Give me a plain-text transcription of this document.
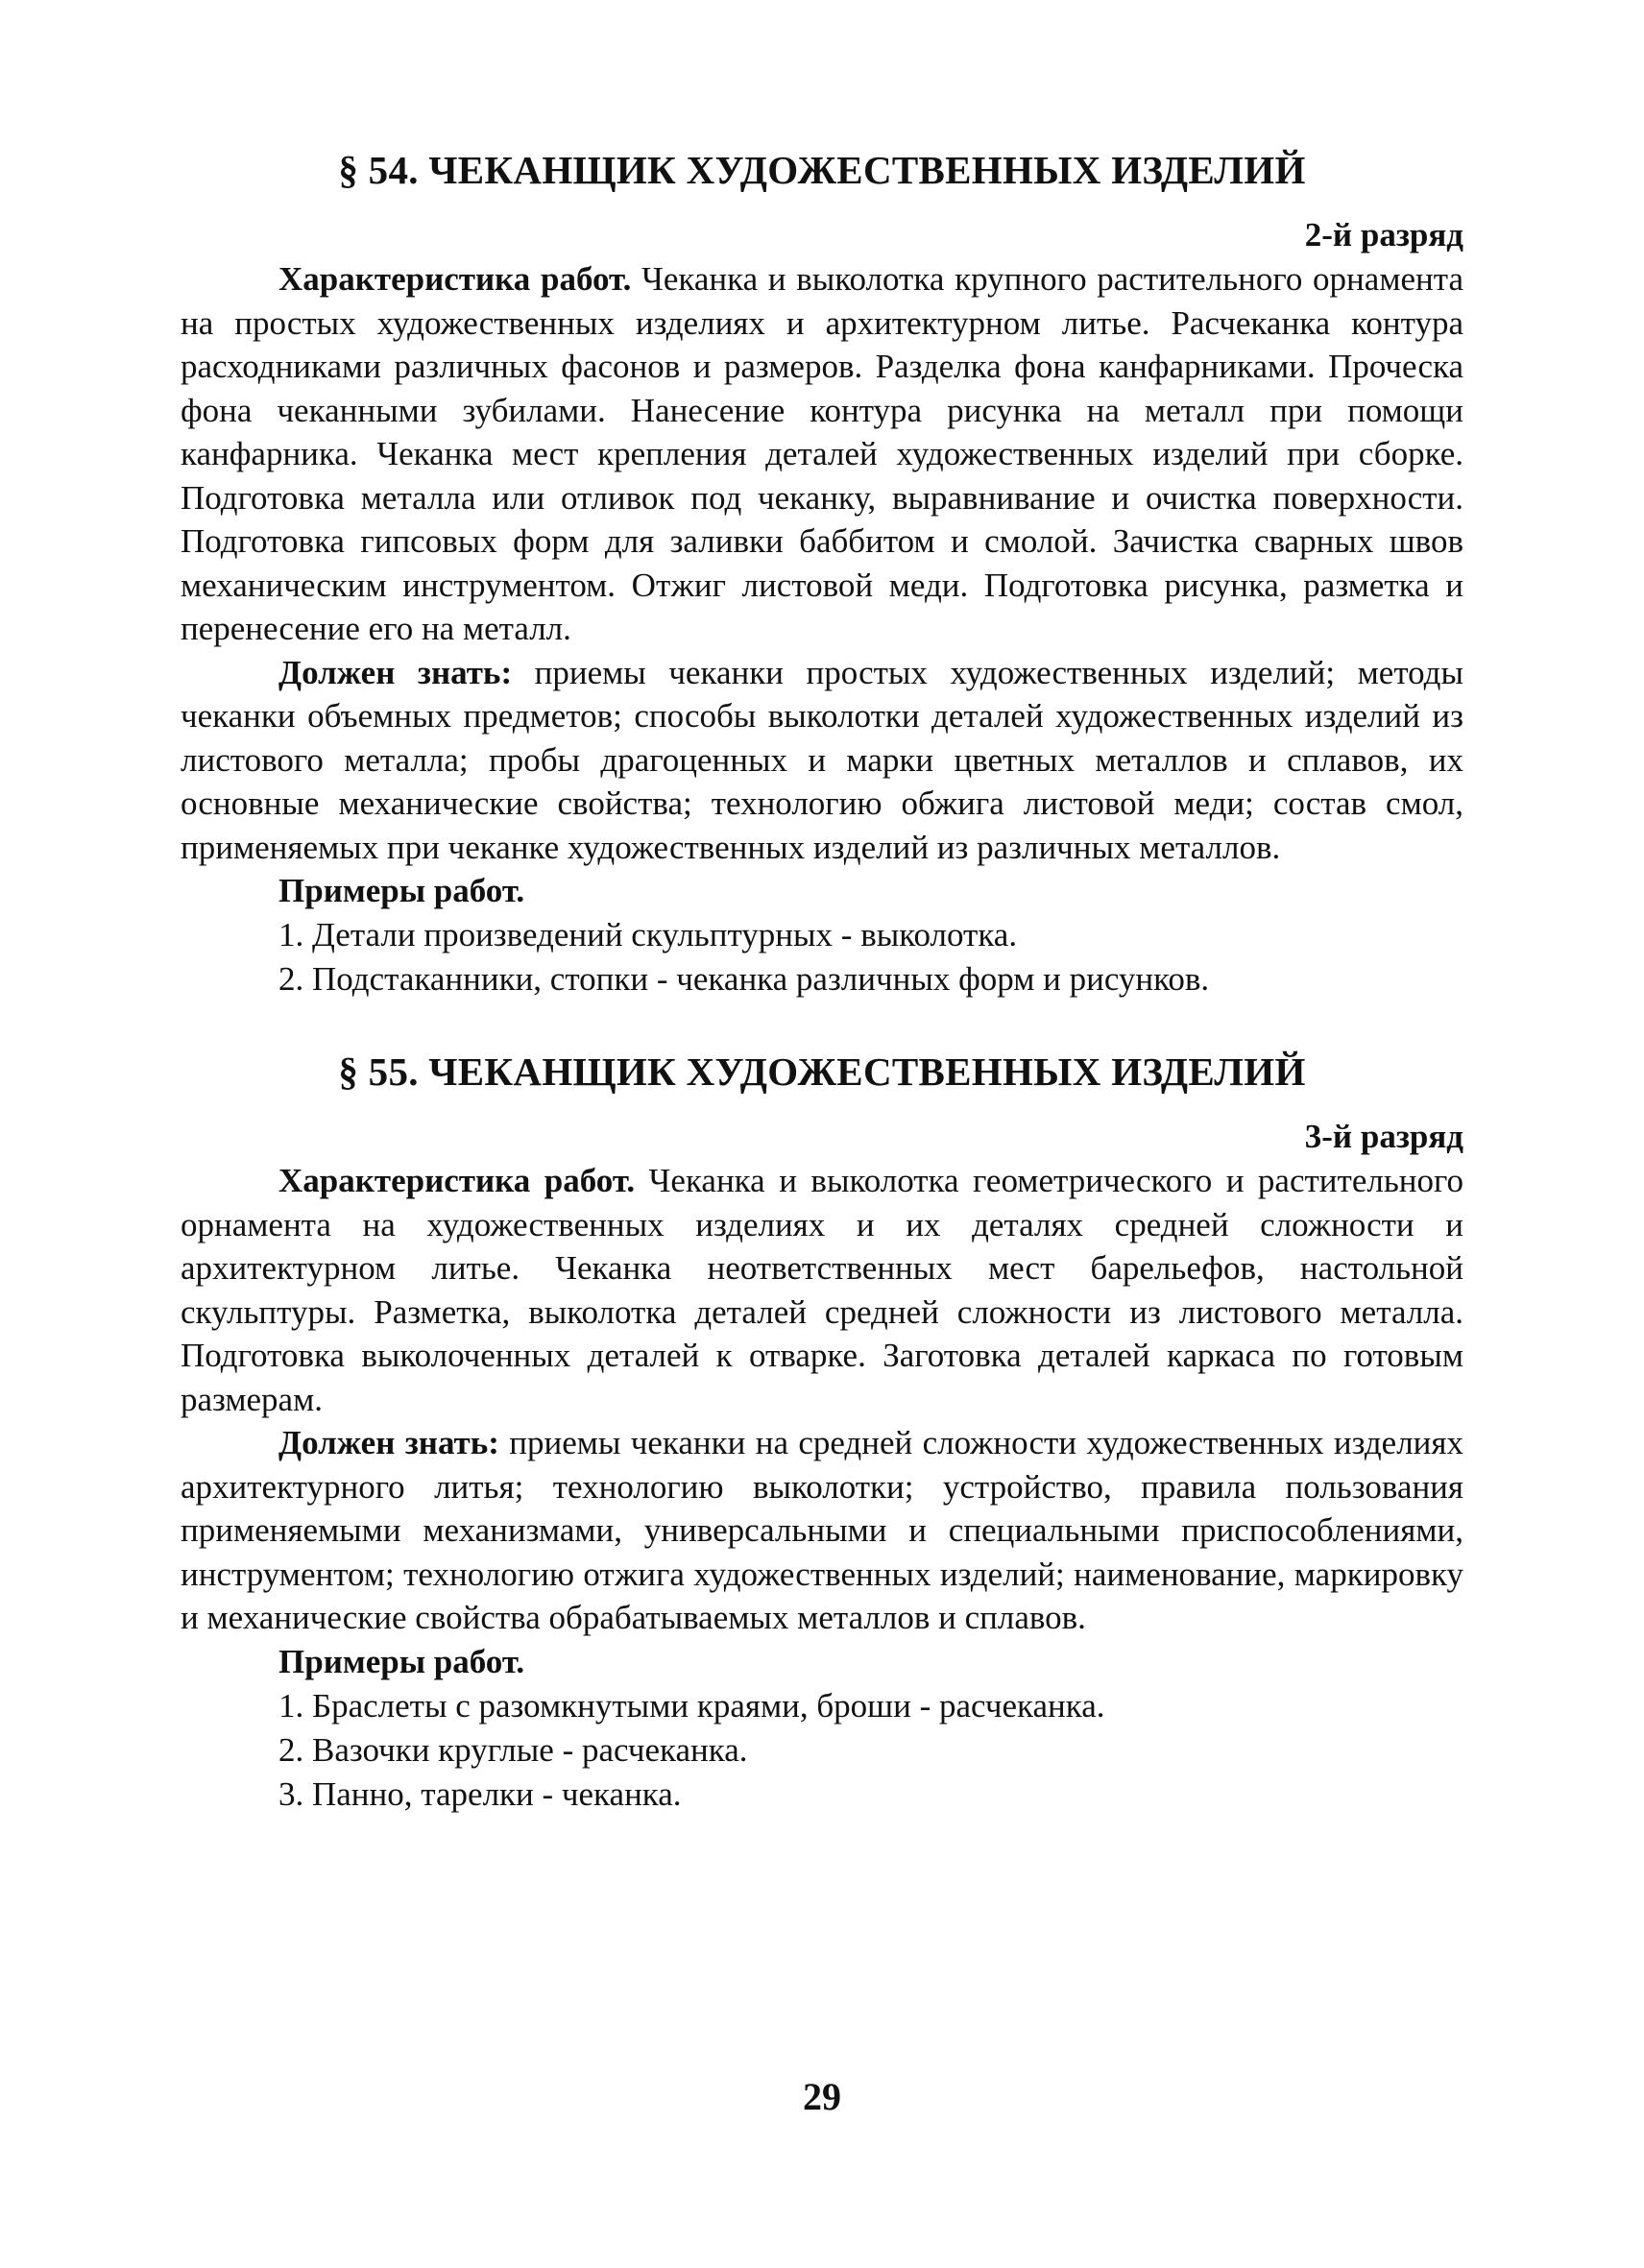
§ 54. ЧЕКАНЩИК ХУДОЖЕСТВЕННЫХ ИЗДЕЛИЙ

2-й разряд

Характеристика работ. Чеканка и выколотка крупного растительного орнамента на простых художественных изделиях и архитектурном литье. Расчеканка контура расходниками различных фасонов и размеров. Разделка фона канфарниками. Проческа фона чеканными зубилами. Нанесение контура рисунка на металл при помощи канфарника. Чеканка мест крепления деталей художественных изделий при сборке. Подготовка металла или отливок под чеканку, выравнивание и очистка поверхности. Подготовка гипсовых форм для заливки баббитом и смолой. Зачистка сварных швов механическим инструментом. Отжиг листовой меди. Подготовка рисунка, разметка и перенесение его на металл.

Должен знать: приемы чеканки простых художественных изделий; методы чеканки объемных предметов; способы выколотки деталей художественных изделий из листового металла; пробы драгоценных и марки цветных металлов и сплавов, их основные механические свойства; технологию обжига листовой меди; состав смол, применяемых при чеканке художественных изделий из различных металлов.

Примеры работ.

1. Детали произведений скульптурных - выколотка.
2. Подстаканники, стопки - чеканка различных форм и рисунков.
§ 55. ЧЕКАНЩИК ХУДОЖЕСТВЕННЫХ ИЗДЕЛИЙ

3-й разряд

Характеристика работ. Чеканка и выколотка геометрического и растительного орнамента на художественных изделиях и их деталях средней сложности и архитектурном литье. Чеканка неответственных мест барельефов, настольной скульптуры. Разметка, выколотка деталей средней сложности из листового металла. Подготовка выколоченных деталей к отварке. Заготовка деталей каркаса по готовым размерам.

Должен знать: приемы чеканки на средней сложности художественных изделиях архитектурного литья; технологию выколотки; устройство, правила пользования применяемыми механизмами, универсальными и специальными приспособлениями, инструментом; технологию отжига художественных изделий; наименование, маркировку и механические свойства обрабатываемых металлов и сплавов.

Примеры работ.

1. Браслеты с разомкнутыми краями, броши - расчеканка.
2. Вазочки круглые - расчеканка.
3. Панно, тарелки - чеканка.
29
